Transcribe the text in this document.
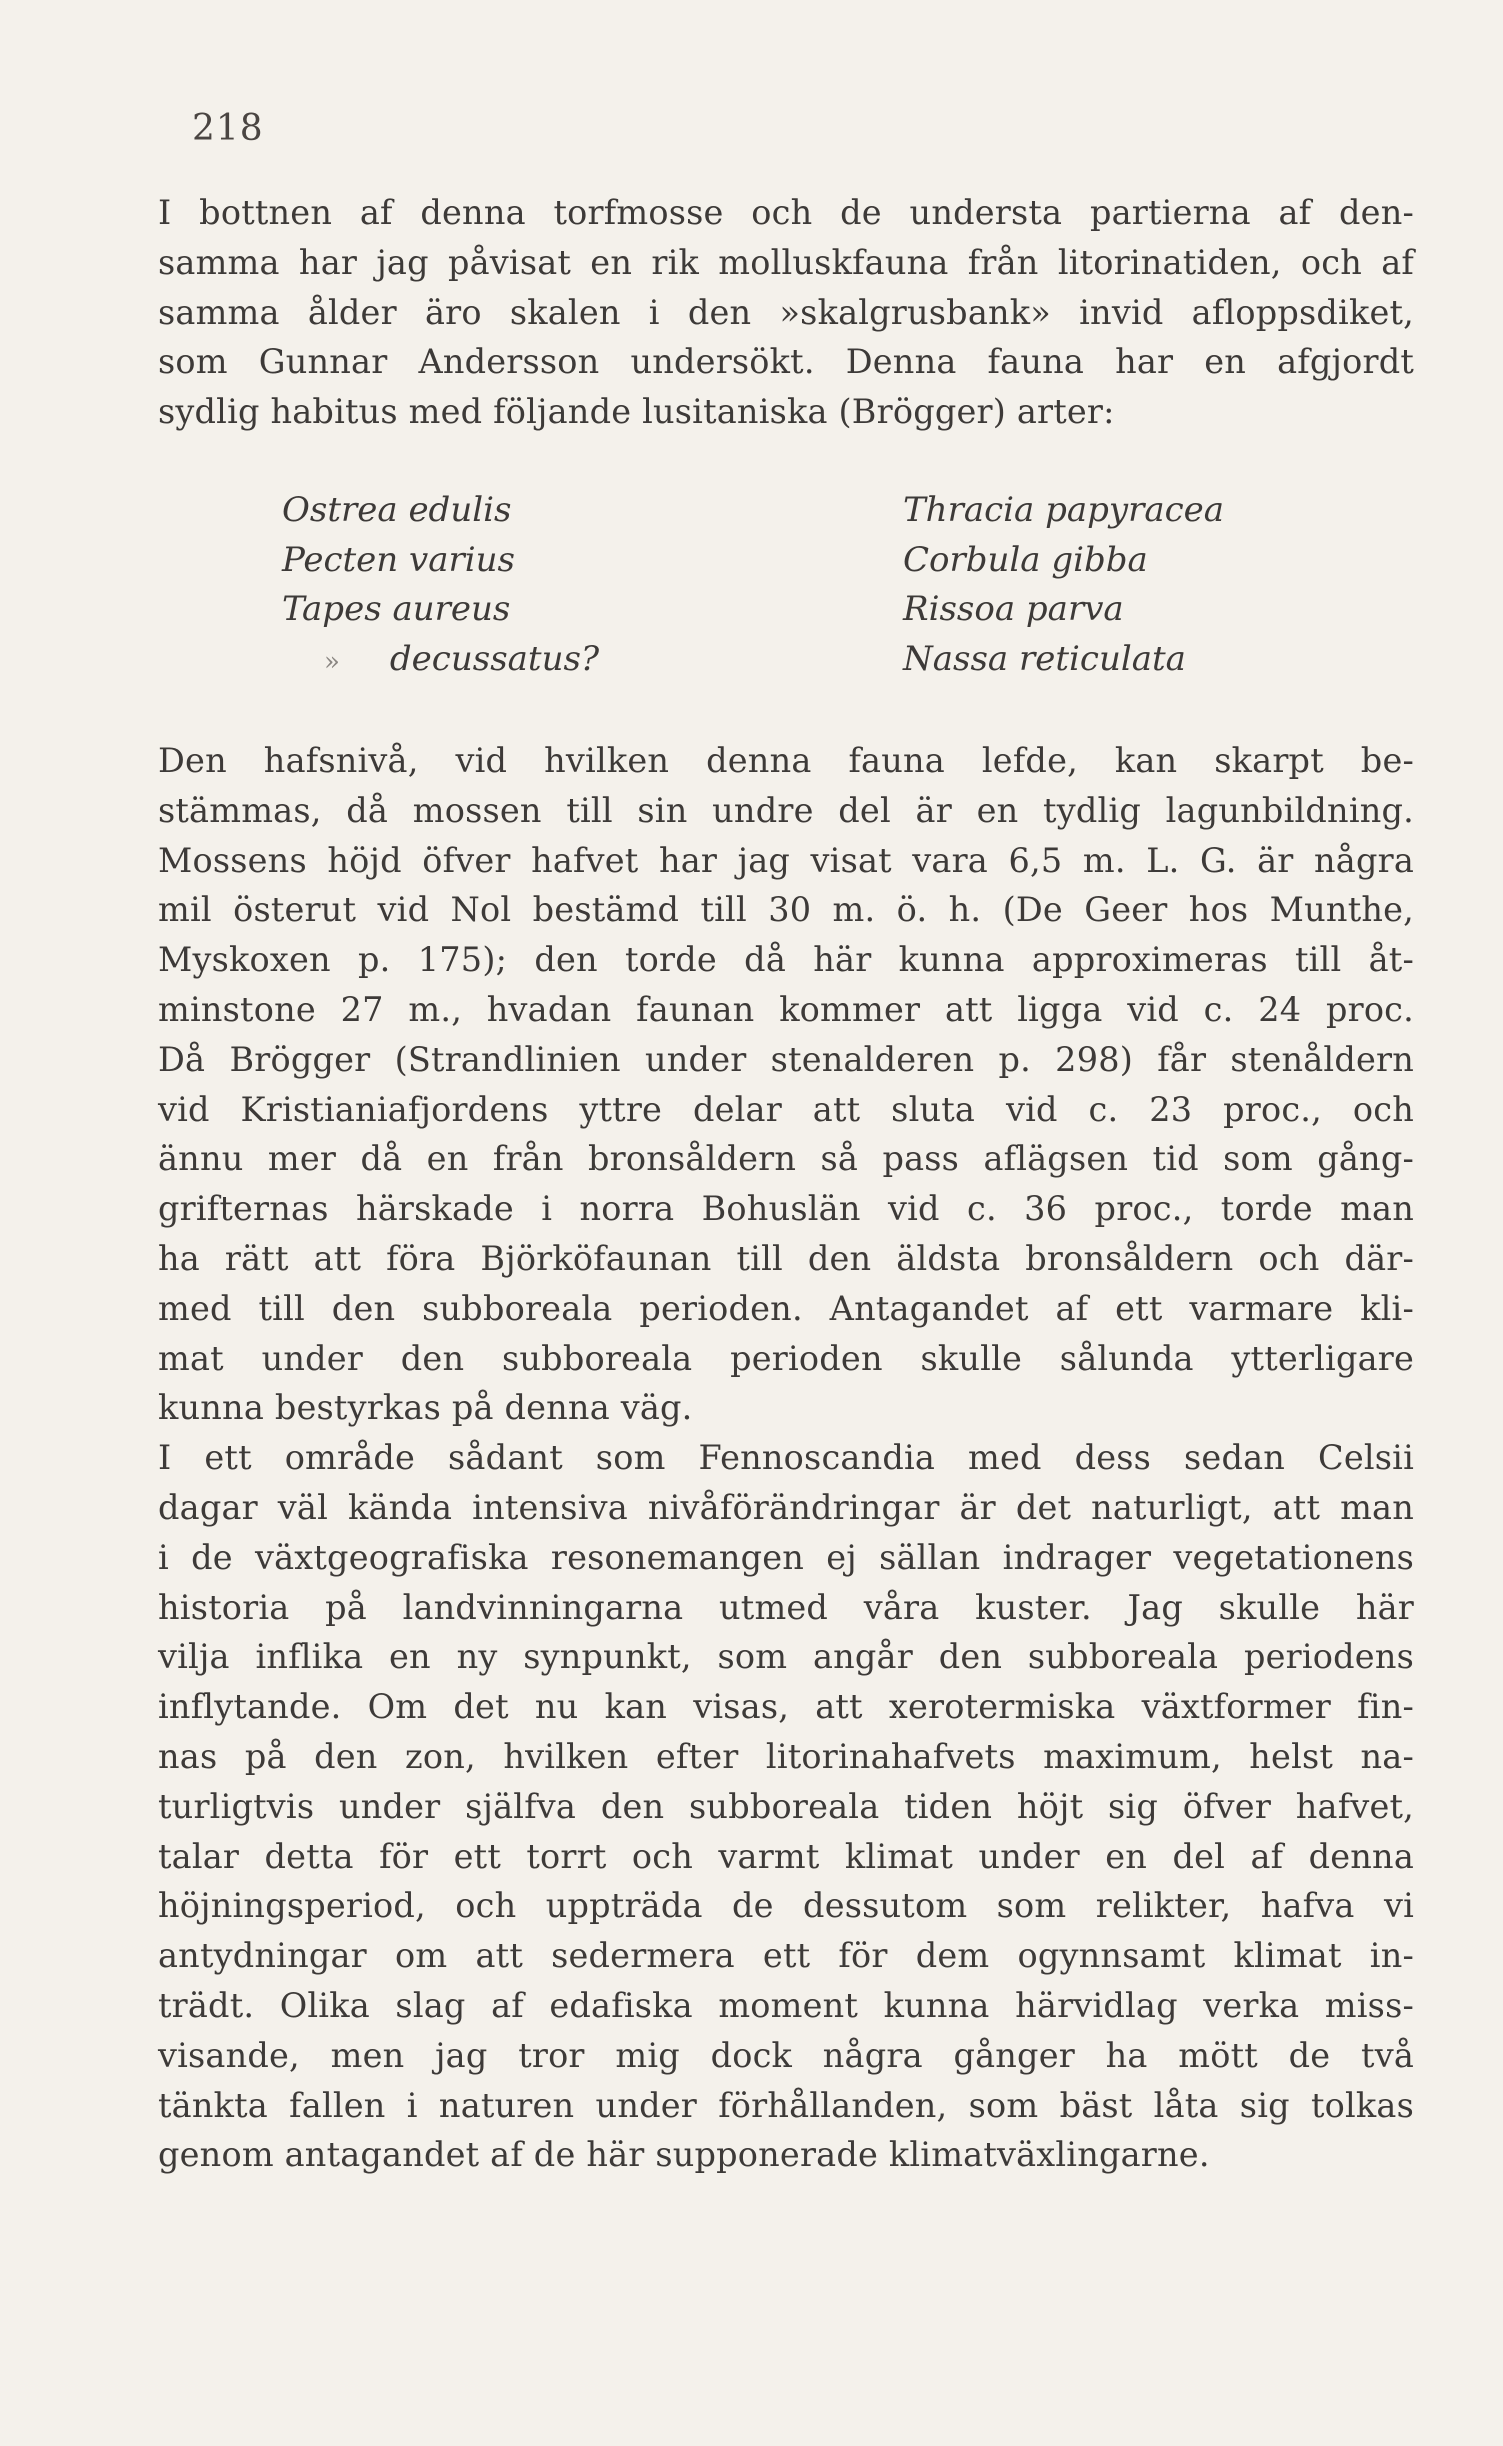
218
I bottnen af denna torfmosse och de understa partierna af den-
samma har jag påvisat en rik molluskfauna från litorinatiden, och af
samma ålder äro skalen i den »skalgrusbank» invid afloppsdiket,
som Gunnar Andersson undersökt. Denna fauna har en afgjordt
sydlig habitus med följande lusitaniska (Brögger) arter:
Ostrea edulis
Pecten varius
Tapes aureus
» decussatus?
Thracia papyracea
Corbula gibba
Rissoa parva
Nassa reticulata
Den hafsnivå, vid hvilken denna fauna lefde, kan skarpt be-
stämmas, då mossen till sin undre del är en tydlig lagunbildning.
Mossens höjd öfver hafvet har jag visat vara 6,5 m. L. G. är några
mil österut vid Nol bestämd till 30 m. ö. h. (De Geer hos Munthe,
Myskoxen p. 175); den torde då här kunna approximeras till åt-
minstone 27 m., hvadan faunan kommer att ligga vid c. 24 proc.
Då Brögger (Strandlinien under stenalderen p. 298) får stenåldern
vid Kristianiafjordens yttre delar att sluta vid c. 23 proc., och
ännu mer då en från bronsåldern så pass aflägsen tid som gång-
grifternas härskade i norra Bohuslän vid c. 36 proc., torde man
ha rätt att föra Björköfaunan till den äldsta bronsåldern och där-
med till den subboreala perioden. Antagandet af ett varmare kli-
mat under den subboreala perioden skulle sålunda ytterligare
kunna bestyrkas på denna väg.
I ett område sådant som Fennoscandia med dess sedan Celsii
dagar väl kända intensiva nivåförändringar är det naturligt, att man
i de växtgeografiska resonemangen ej sällan indrager vegetationens
historia på landvinningarna utmed våra kuster. Jag skulle här
vilja inflika en ny synpunkt, som angår den subboreala periodens
inflytande. Om det nu kan visas, att xerotermiska växtformer fin-
nas på den zon, hvilken efter litorinahafvets maximum, helst na-
turligtvis under själfva den subboreala tiden höjt sig öfver hafvet,
talar detta för ett torrt och varmt klimat under en del af denna
höjningsperiod, och uppträda de dessutom som relikter, hafva vi
antydningar om att sedermera ett för dem ogynnsamt klimat in-
trädt. Olika slag af edafiska moment kunna härvidlag verka miss-
visande, men jag tror mig dock några gånger ha mött de två
tänkta fallen i naturen under förhållanden, som bäst låta sig tolkas
genom antagandet af de här supponerade klimatväxlingarne.
